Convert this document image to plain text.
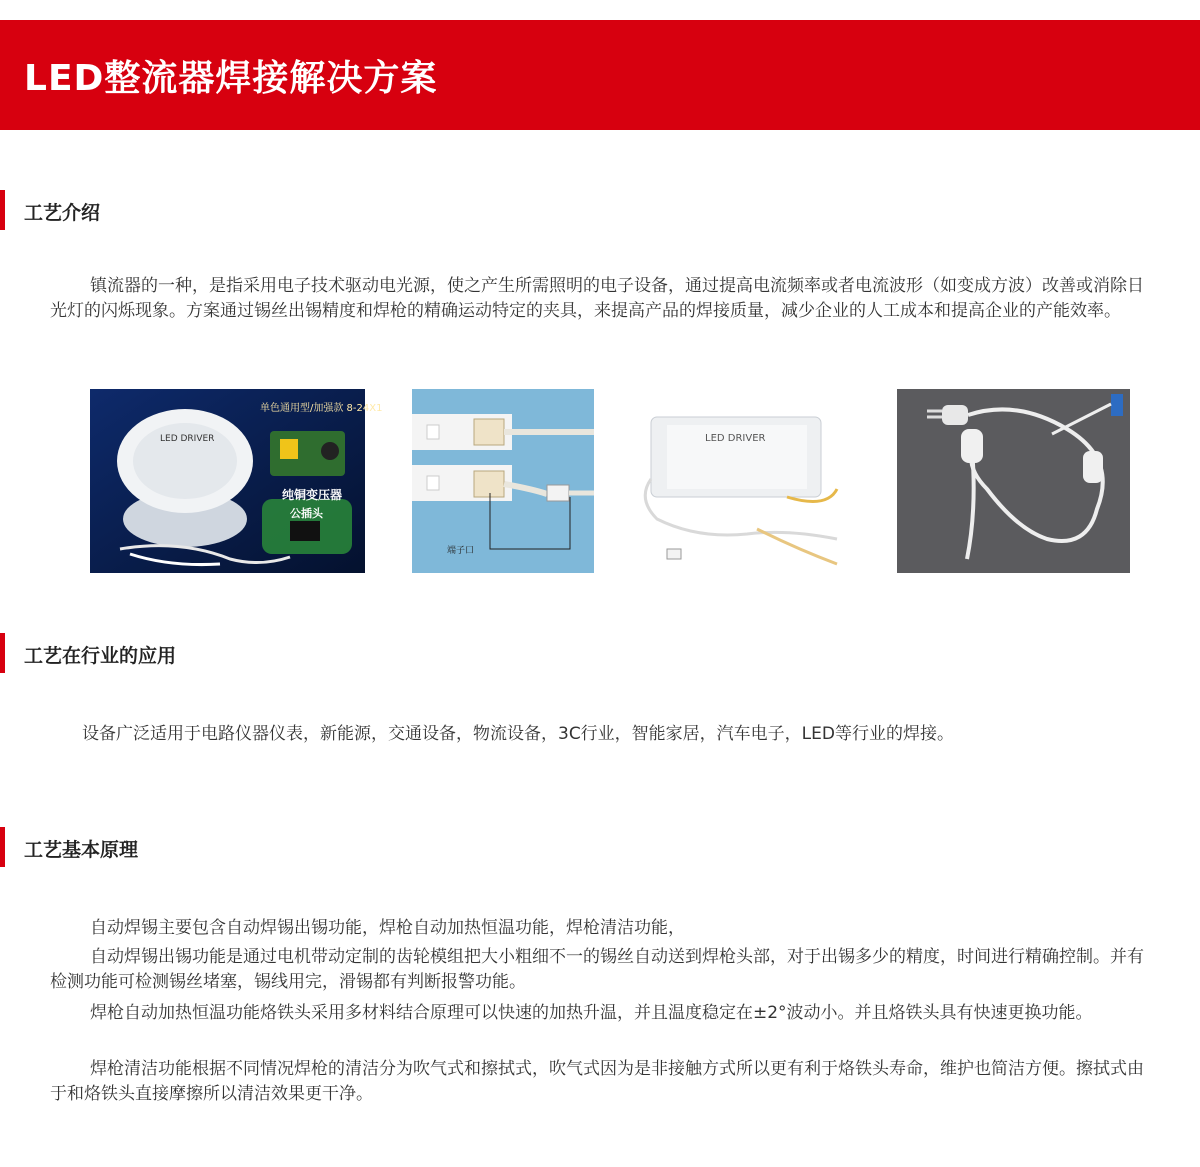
LED整流器焊接解决方案
工艺介绍

镇流器的一种，是指采用电子技术驱动电光源，使之产生所需照明的电子设备，通过提高电流频率或者电流波形（如变成方波）改善或消除日光灯的闪烁现象。方案通过锡丝出锡精度和焊枪的精确运动特定的夹具，来提高产品的焊接质量，减少企业的人工成本和提高企业的产能效率。

单色通用型/加强款 8-24X1
LED DRIVER
纯铜变压器
公插头
端子口
LED DRIVER
工艺在行业的应用

设备广泛适用于电路仪器仪表，新能源，交通设备，物流设备，3C行业，智能家居，汽车电子，LED等行业的焊接。

工艺基本原理

自动焊锡主要包含自动焊锡出锡功能，焊枪自动加热恒温功能，焊枪清洁功能，

自动焊锡出锡功能是通过电机带动定制的齿轮模组把大小粗细不一的锡丝自动送到焊枪头部，对于出锡多少的精度，时间进行精确控制。并有检测功能可检测锡丝堵塞，锡线用完，滑锡都有判断报警功能。

焊枪自动加热恒温功能烙铁头采用多材料结合原理可以快速的加热升温，并且温度稳定在±2°波动小。并且烙铁头具有快速更换功能。

焊枪清洁功能根据不同情况焊枪的清洁分为吹气式和擦拭式，吹气式因为是非接触方式所以更有利于烙铁头寿命，维护也简洁方便。擦拭式由于和烙铁头直接摩擦所以清洁效果更干净。
